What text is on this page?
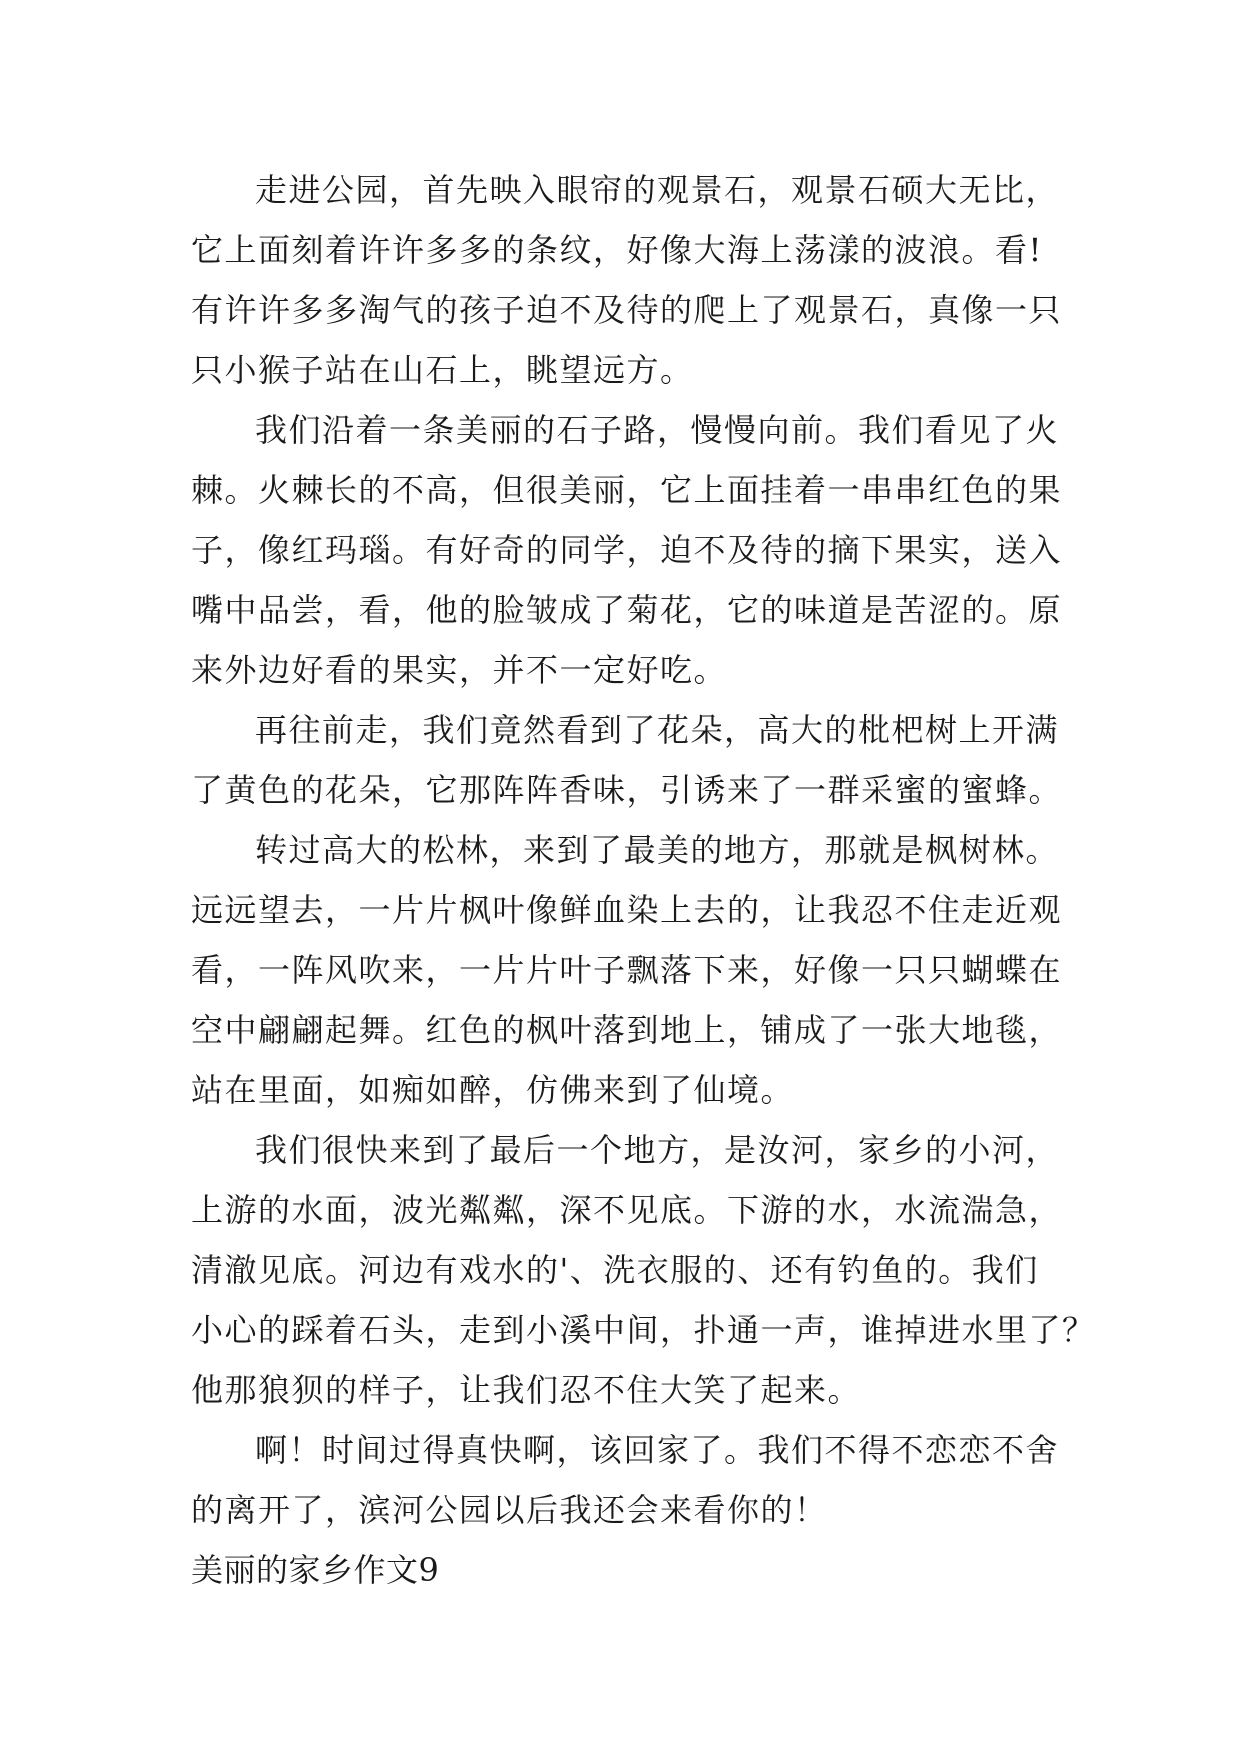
走进公园，首先映入眼帘的观景石，观景石硕大无比，
它上面刻着许许多多的条纹，好像大海上荡漾的波浪。看!
有许许多多淘气的孩子迫不及待的爬上了观景石，真像一只
只小猴子站在山石上，眺望远方。
我们沿着一条美丽的石子路，慢慢向前。我们看见了火
棘。火棘长的不高，但很美丽，它上面挂着一串串红色的果
子，像红玛瑙。有好奇的同学，迫不及待的摘下果实，送入
嘴中品尝，看，他的脸皱成了菊花，它的味道是苦涩的。原
来外边好看的果实，并不一定好吃。
再往前走，我们竟然看到了花朵，高大的枇杷树上开满
了黄色的花朵，它那阵阵香味，引诱来了一群采蜜的蜜蜂。
转过高大的松林，来到了最美的地方，那就是枫树林。
远远望去，一片片枫叶像鲜血染上去的，让我忍不住走近观
看，一阵风吹来，一片片叶子飘落下来，好像一只只蝴蝶在
空中翩翩起舞。红色的枫叶落到地上，铺成了一张大地毯，
站在里面，如痴如醉，仿佛来到了仙境。
我们很快来到了最后一个地方，是汝河，家乡的小河，
上游的水面，波光粼粼，深不见底。下游的水，水流湍急，
清澈见底。河边有戏水的'、洗衣服的、还有钓鱼的。我们
小心的踩着石头，走到小溪中间，扑通一声，谁掉进水里了？
他那狼狈的样子，让我们忍不住大笑了起来。
啊！时间过得真快啊，该回家了。我们不得不恋恋不舍
的离开了，滨河公园以后我还会来看你的！
美丽的家乡作文9
